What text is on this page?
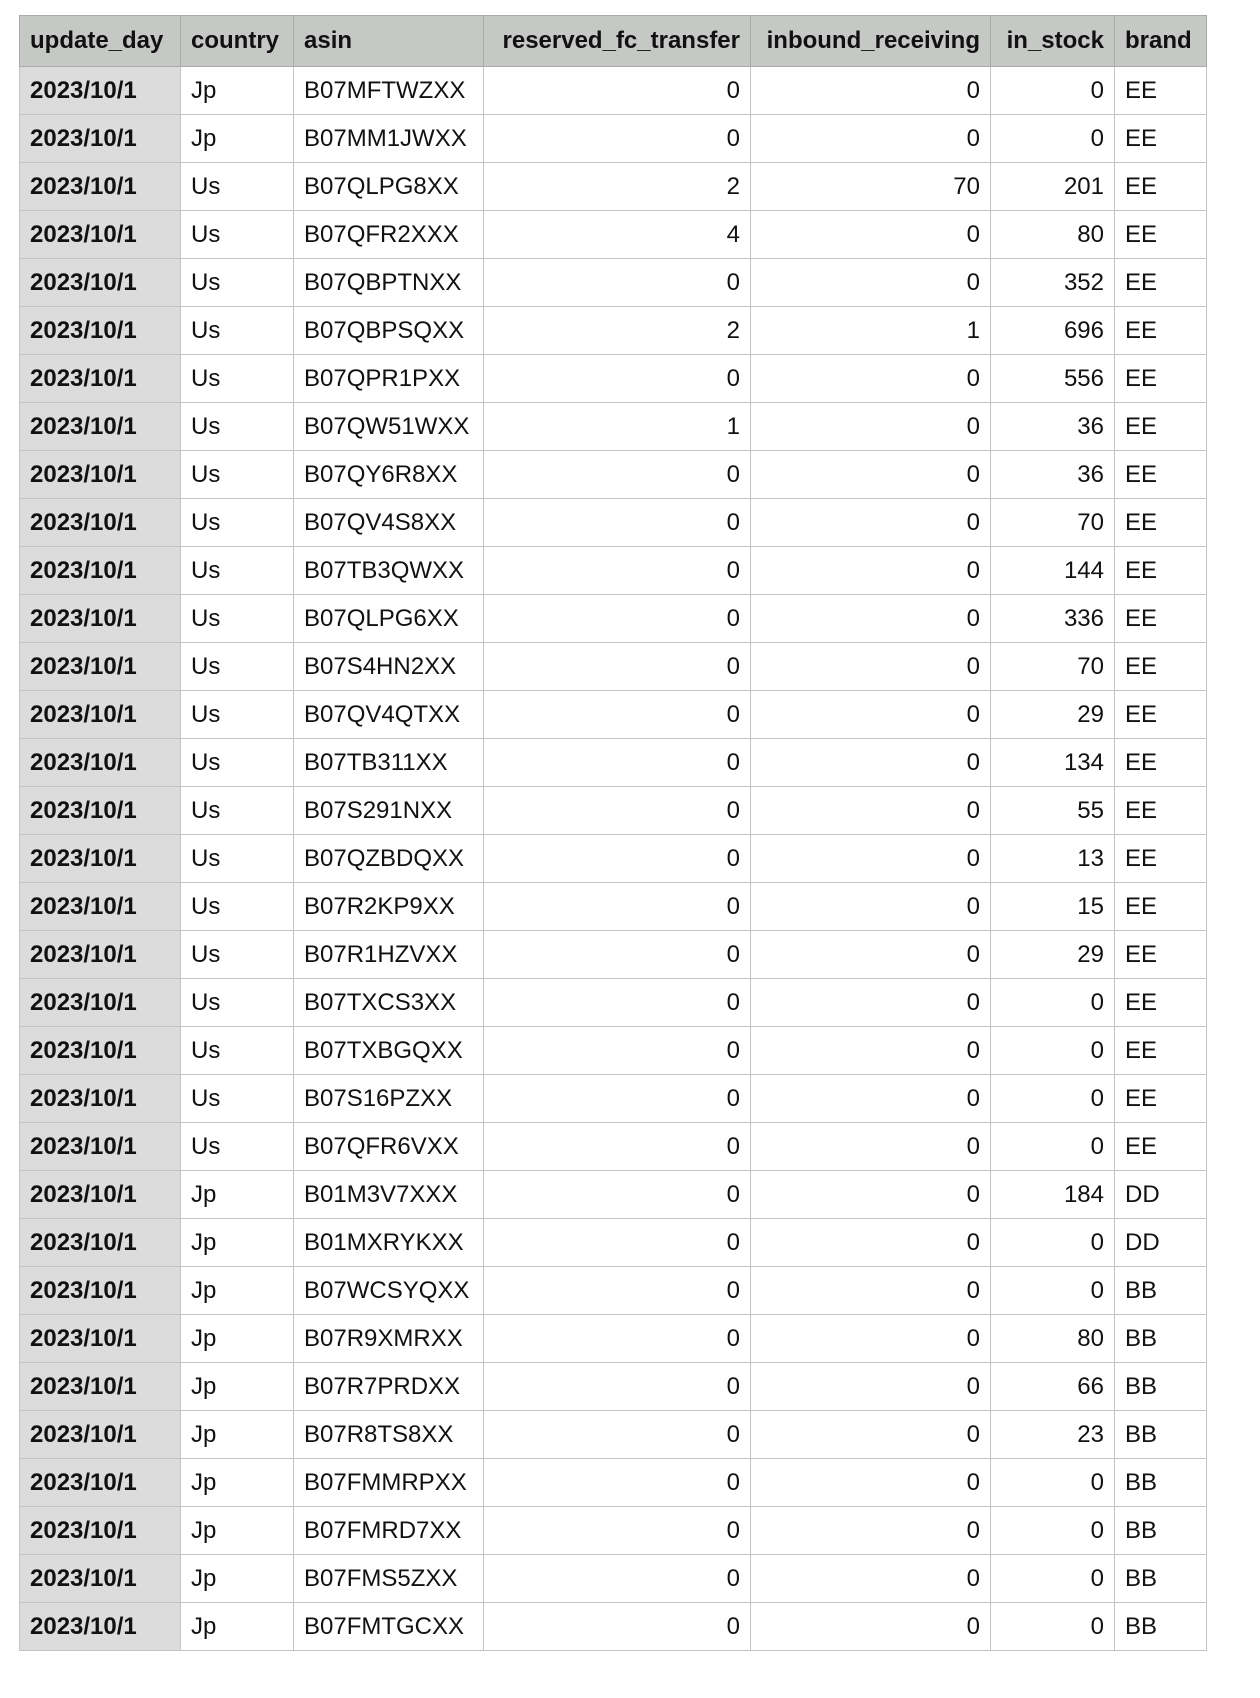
update_day	country	asin	reserved_fc_transfer	inbound_receiving	in_stock	brand
2023/10/1	Jp	B07MFTWZXX	0	0	0	EE
2023/10/1	Jp	B07MM1JWXX	0	0	0	EE
2023/10/1	Us	B07QLPG8XX	2	70	201	EE
2023/10/1	Us	B07QFR2XXX	4	0	80	EE
2023/10/1	Us	B07QBPTNXX	0	0	352	EE
2023/10/1	Us	B07QBPSQXX	2	1	696	EE
2023/10/1	Us	B07QPR1PXX	0	0	556	EE
2023/10/1	Us	B07QW51WXX	1	0	36	EE
2023/10/1	Us	B07QY6R8XX	0	0	36	EE
2023/10/1	Us	B07QV4S8XX	0	0	70	EE
2023/10/1	Us	B07TB3QWXX	0	0	144	EE
2023/10/1	Us	B07QLPG6XX	0	0	336	EE
2023/10/1	Us	B07S4HN2XX	0	0	70	EE
2023/10/1	Us	B07QV4QTXX	0	0	29	EE
2023/10/1	Us	B07TB311XX	0	0	134	EE
2023/10/1	Us	B07S291NXX	0	0	55	EE
2023/10/1	Us	B07QZBDQXX	0	0	13	EE
2023/10/1	Us	B07R2KP9XX	0	0	15	EE
2023/10/1	Us	B07R1HZVXX	0	0	29	EE
2023/10/1	Us	B07TXCS3XX	0	0	0	EE
2023/10/1	Us	B07TXBGQXX	0	0	0	EE
2023/10/1	Us	B07S16PZXX	0	0	0	EE
2023/10/1	Us	B07QFR6VXX	0	0	0	EE
2023/10/1	Jp	B01M3V7XXX	0	0	184	DD
2023/10/1	Jp	B01MXRYKXX	0	0	0	DD
2023/10/1	Jp	B07WCSYQXX	0	0	0	BB
2023/10/1	Jp	B07R9XMRXX	0	0	80	BB
2023/10/1	Jp	B07R7PRDXX	0	0	66	BB
2023/10/1	Jp	B07R8TS8XX	0	0	23	BB
2023/10/1	Jp	B07FMMRPXX	0	0	0	BB
2023/10/1	Jp	B07FMRD7XX	0	0	0	BB
2023/10/1	Jp	B07FMS5ZXX	0	0	0	BB
2023/10/1	Jp	B07FMTGCXX	0	0	0	BB
